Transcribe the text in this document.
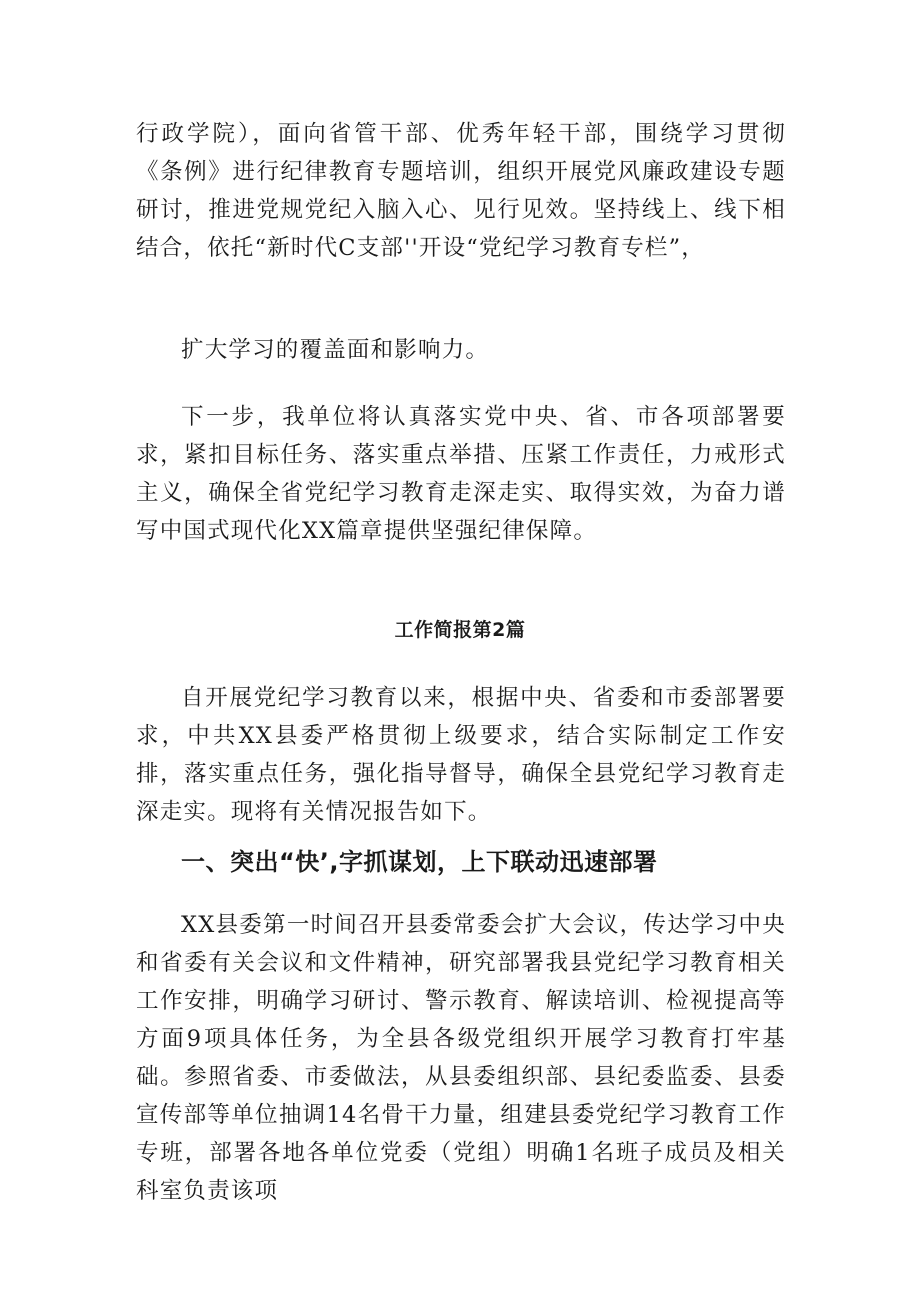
行政学院），面向省管干部、优秀年轻干部，围绕学习贯彻《条例》进行纪律教育专题培训，组织开展党风廉政建设专题研讨，推进党规党纪入脑入心、见行见效。坚持线上、线下相结合，依托“新时代C支部''开设“党纪学习教育专栏”，

扩大学习的覆盖面和影响力。

下一步，我单位将认真落实党中央、省、市各项部署要求，紧扣目标任务、落实重点举措、压紧工作责任，力戒形式主义，确保全省党纪学习教育走深走实、取得实效，为奋力谱写中国式现代化XX篇章提供坚强纪律保障。

工作简报第2篇

自开展党纪学习教育以来，根据中央、省委和市委部署要求，中共XX县委严格贯彻上级要求，结合实际制定工作安排，落实重点任务，强化指导督导，确保全县党纪学习教育走深走实。现将有关情况报告如下。

一、突出“快’,字抓谋划，上下联动迅速部署

XX县委第一时间召开县委常委会扩大会议，传达学习中央和省委有关会议和文件精神，研究部署我县党纪学习教育相关工作安排，明确学习研讨、警示教育、解读培训、检视提高等方面9项具体任务，为全县各级党组织开展学习教育打牢基础。参照省委、市委做法，从县委组织部、县纪委监委、县委宣传部等单位抽调14名骨干力量，组建县委党纪学习教育工作专班，部署各地各单位党委（党组）明确1名班子成员及相关科室负责该项
